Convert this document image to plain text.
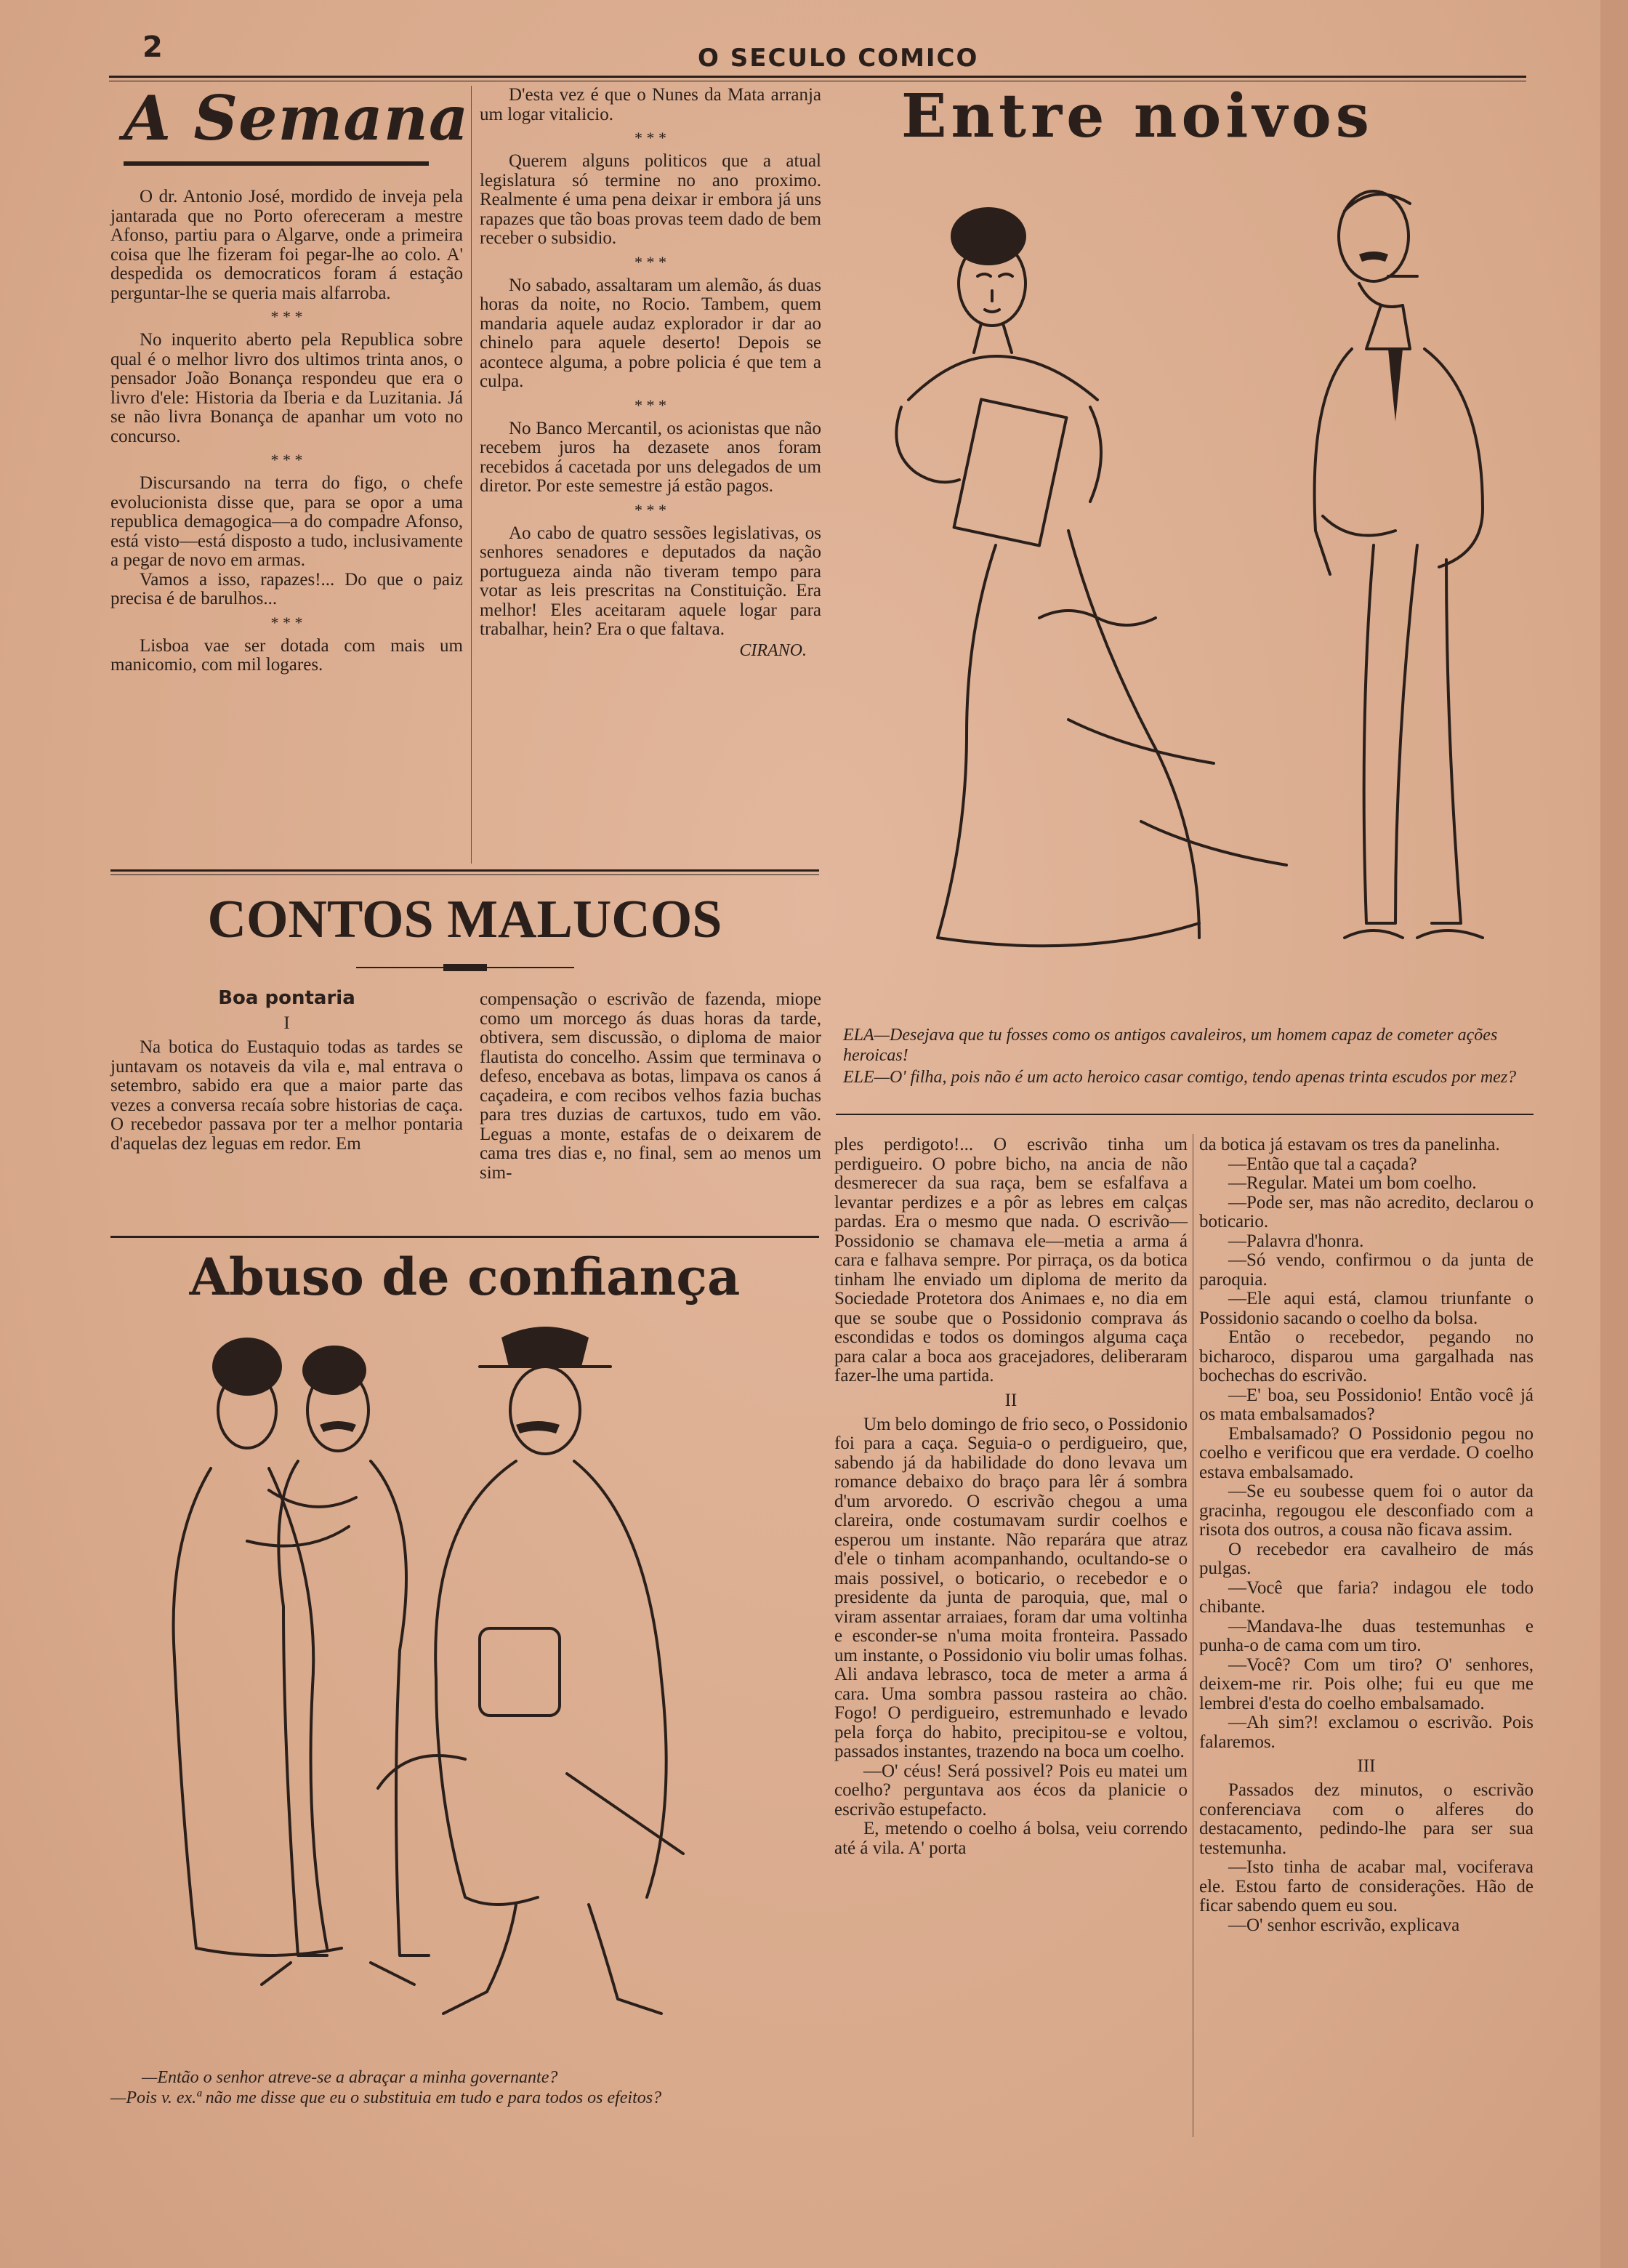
2	O SECULO COMICO
A Semana

O dr. Antonio José, mordido de inveja pela jantarada que no Porto ofereceram a mestre Afonso, partiu para o Algarve, onde a primeira coisa que lhe fizeram foi pegar-lhe ao colo. A' despedida os democraticos foram á estação perguntar-lhe se queria mais alfarroba.

* * *

No inquerito aberto pela Republica sobre qual é o melhor livro dos ultimos trinta anos, o pensador João Bonança respondeu que era o livro d'ele: Historia da Iberia e da Luzitania. Já se não livra Bonança de apanhar um voto no concurso.

* * *

Discursando na terra do figo, o chefe evolucionista disse que, para se opor a uma republica demagogica—a do compadre Afonso, está visto—está disposto a tudo, inclusivamente a pegar de novo em armas.

Vamos a isso, rapazes!... Do que o paiz precisa é de barulhos...

* * *

Lisboa vae ser dotada com mais um manicomio, com mil logares.

D'esta vez é que o Nunes da Mata arranja um logar vitalicio.

* * *

Querem alguns politicos que a atual legislatura só termine no ano proximo. Realmente é uma pena deixar ir embora já uns rapazes que tão boas provas teem dado de bem receber o subsidio.

* * *

No sabado, assaltaram um alemão, ás duas horas da noite, no Rocio. Tambem, quem mandaria aquele audaz explorador ir dar ao chinelo para aquele deserto! Depois se acontece alguma, a pobre policia é que tem a culpa.

* * *

No Banco Mercantil, os acionistas que não recebem juros ha dezasete anos foram recebidos á cacetada por uns delegados de um diretor. Por este semestre já estão pagos.

* * *

Ao cabo de quatro sessões legislativas, os senhores senadores e deputados da nação portugueza ainda não tiveram tempo para votar as leis prescritas na Constituição. Era melhor! Eles aceitaram aquele logar para trabalhar, hein? Era o que faltava.

CIRANO.
Entre noivos
ELA—Desejava que tu fosses como os antigos cavaleiros, um homem capaz de cometer ações heroicas!
ELE—O' filha, pois não é um acto heroico casar comtigo, tendo apenas trinta escudos por mez?
CONTOS MALUCOS
Boa pontaria
I

Na botica do Eustaquio todas as tardes se juntavam os notaveis da vila e, mal entrava o setembro, sabido era que a maior parte das vezes a conversa recaía sobre historias de caça. O recebedor passava por ter a melhor pontaria d'aquelas dez leguas em redor. Em

compensação o escrivão de fazenda, miope como um morcego ás duas horas da tarde, obtivera, sem discussão, o diploma de maior flautista do concelho. Assim que terminava o defeso, encebava as botas, limpava os canos á caçadeira, e com recibos velhos fazia buchas para tres duzias de cartuxos, tudo em vão. Leguas a monte, estafas de o deixarem de cama tres dias e, no final, sem ao menos um sim-

Abuso de confiança
—Então o senhor atreve-se a abraçar a minha governante?
—Pois v. ex.ª não me disse que eu o substituia em tudo e para todos os efeitos?

ples perdigoto!... O escrivão tinha um perdigueiro. O pobre bicho, na ancia de não desmerecer da sua raça, bem se esfalfava a levantar perdizes e a pôr as lebres em calças pardas. Era o mesmo que nada. O escrivão—Possidonio se chamava ele—metia a arma á cara e falhava sempre. Por pirraça, os da botica tinham lhe enviado um diploma de merito da Sociedade Protetora dos Animaes e, no dia em que se soube que o Possidonio comprava ás escondidas e todos os domingos alguma caça para calar a boca aos gracejadores, deliberaram fazer-lhe uma partida.

II

Um belo domingo de frio seco, o Possidonio foi para a caça. Seguia-o o perdigueiro, que, sabendo já da habilidade do dono levava um romance debaixo do braço para lêr á sombra d'um arvoredo. O escrivão chegou a uma clareira, onde costumavam surdir coelhos e esperou um instante. Não reparára que atraz d'ele o tinham acompanhando, ocultando-se o mais possivel, o boticario, o recebedor e o presidente da junta de paroquia, que, mal o viram assentar arraiaes, foram dar uma voltinha e esconder-se n'uma moita fronteira. Passado um instante, o Possidonio viu bolir umas folhas. Ali andava lebrasco, toca de meter a arma á cara. Uma sombra passou rasteira ao chão. Fogo! O perdigueiro, estremunhado e levado pela força do habito, precipitou-se e voltou, passados instantes, trazendo na boca um coelho.

—O' céus! Será possivel? Pois eu matei um coelho? perguntava aos écos da planicie o escrivão estupefacto.

E, metendo o coelho á bolsa, veiu correndo até á vila. A' porta

da botica já estavam os tres da panelinha.

—Então que tal a caçada?

—Regular. Matei um bom coelho.

—Pode ser, mas não acredito, declarou o boticario.

—Palavra d'honra.

—Só vendo, confirmou o da junta de paroquia.

—Ele aqui está, clamou triunfante o Possidonio sacando o coelho da bolsa.

Então o recebedor, pegando no bicharoco, disparou uma gargalhada nas bochechas do escrivão.

—E' boa, seu Possidonio! Então você já os mata embalsamados?

Embalsamado? O Possidonio pegou no coelho e verificou que era verdade. O coelho estava embalsamado.

—Se eu soubesse quem foi o autor da gracinha, regougou ele desconfiado com a risota dos outros, a cousa não ficava assim.

O recebedor era cavalheiro de más pulgas.

—Você que faria? indagou ele todo chibante.

—Mandava-lhe duas testemunhas e punha-o de cama com um tiro.

—Você? Com um tiro? O' senhores, deixem-me rir. Pois olhe; fui eu que me lembrei d'esta do coelho embalsamado.

—Ah sim?! exclamou o escrivão. Pois falaremos.

III

Passados dez minutos, o escrivão conferenciava com o alferes do destacamento, pedindo-lhe para ser sua testemunha.

—Isto tinha de acabar mal, vociferava ele. Estou farto de considerações. Hão de ficar sabendo quem eu sou.

—O' senhor escrivão, explicava
